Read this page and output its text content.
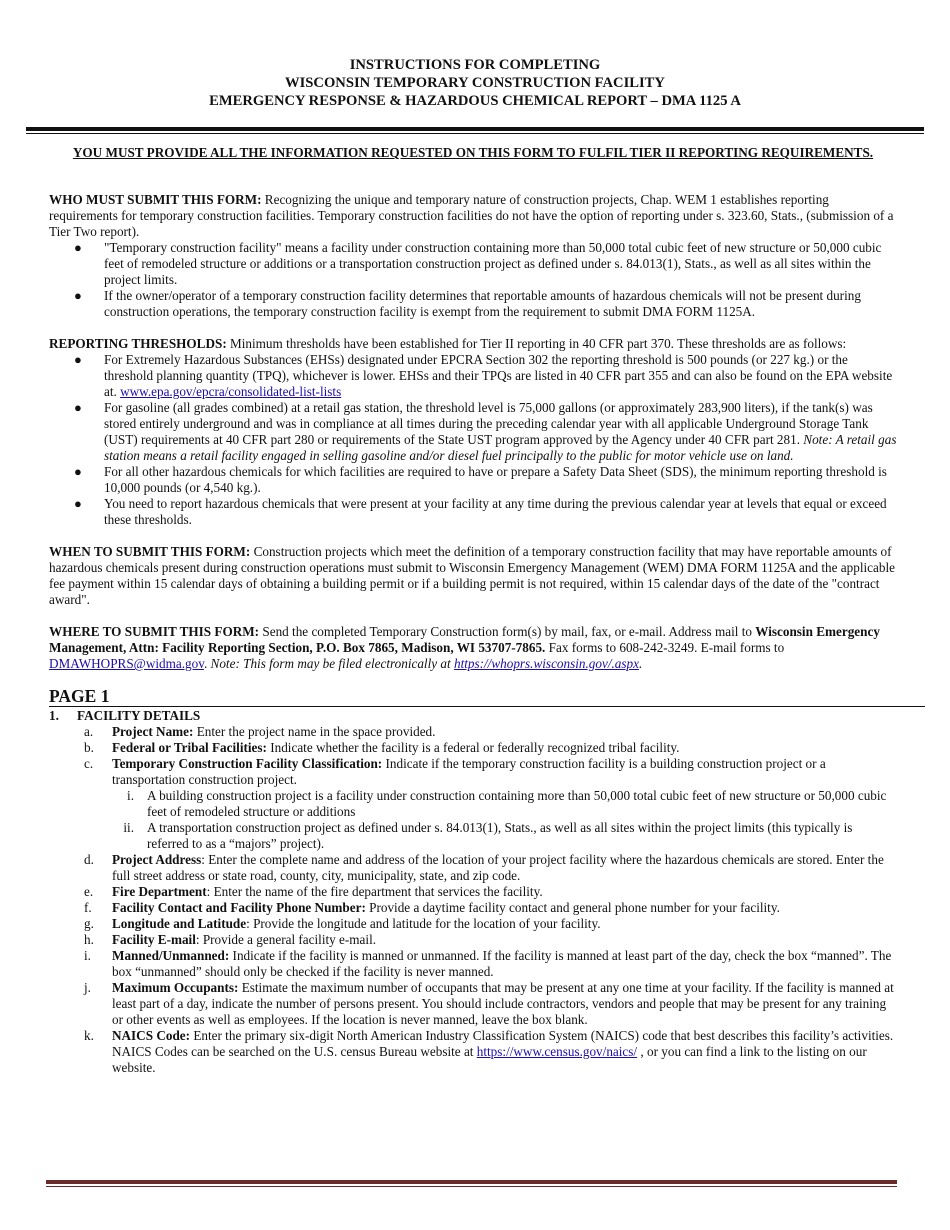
INSTRUCTIONS FOR COMPLETING
WISCONSIN TEMPORARY CONSTRUCTION FACILITY
EMERGENCY RESPONSE & HAZARDOUS CHEMICAL REPORT – DMA 1125 A
YOU MUST PROVIDE ALL THE INFORMATION REQUESTED ON THIS FORM TO FULFIL TIER II REPORTING REQUIREMENTS.

WHO MUST SUBMIT THIS FORM: Recognizing the unique and temporary nature of construction projects, Chap. WEM 1 establishes reporting requirements for temporary construction facilities. Temporary construction facilities do not have the option of reporting under s. 323.60, Stats., (submission of a Tier Two report).

● "Temporary construction facility" means a facility under construction containing more than 50,000 total cubic feet of new structure or 50,000 cubic feet of remodeled structure or additions or a transportation construction project as defined under s. 84.013(1), Stats., as well as all sites within the project limits.
● If the owner/operator of a temporary construction facility determines that reportable amounts of hazardous chemicals will not be present during construction operations, the temporary construction facility is exempt from the requirement to submit DMA FORM 1125A.

REPORTING THRESHOLDS: Minimum thresholds have been established for Tier II reporting in 40 CFR part 370. These thresholds are as follows:

● For Extremely Hazardous Substances (EHSs) designated under EPCRA Section 302 the reporting threshold is 500 pounds (or 227 kg.) or the threshold planning quantity (TPQ), whichever is lower. EHSs and their TPQs are listed in 40 CFR part 355 and can also be found on the EPA website at. www.epa.gov/epcra/consolidated-list-lists
● For gasoline (all grades combined) at a retail gas station, the threshold level is 75,000 gallons (or approximately 283,900 liters), if the tank(s) was stored entirely underground and was in compliance at all times during the preceding calendar year with all applicable Underground Storage Tank (UST) requirements at 40 CFR part 280 or requirements of the State UST program approved by the Agency under 40 CFR part 281. Note: A retail gas station means a retail facility engaged in selling gasoline and/or diesel fuel principally to the public for motor vehicle use on land.
● For all other hazardous chemicals for which facilities are required to have or prepare a Safety Data Sheet (SDS), the minimum reporting threshold is 10,000 pounds (or 4,540 kg.).
● You need to report hazardous chemicals that were present at your facility at any time during the previous calendar year at levels that equal or exceed these thresholds.

WHEN TO SUBMIT THIS FORM: Construction projects which meet the definition of a temporary construction facility that may have reportable amounts of hazardous chemicals present during construction operations must submit to Wisconsin Emergency Management (WEM) DMA FORM 1125A and the applicable fee payment within 15 calendar days of obtaining a building permit or if a building permit is not required, within 15 calendar days of the date of the "contract award".

WHERE TO SUBMIT THIS FORM: Send the completed Temporary Construction form(s) by mail, fax, or e-mail. Address mail to Wisconsin Emergency Management, Attn: Facility Reporting Section, P.O. Box 7865, Madison, WI 53707-7865. Fax forms to 608-242-3249. E-mail forms to DMAWHOPRS@widma.gov. Note: This form may be filed electronically at https://whoprs.wisconsin.gov/.aspx.

PAGE 1
1. FACILITY DETAILS
a. Project Name: Enter the project name in the space provided.
b. Federal or Tribal Facilities: Indicate whether the facility is a federal or federally recognized tribal facility.
c. Temporary Construction Facility Classification: Indicate if the temporary construction facility is a building construction project or a transportation construction project.
i. A building construction project is a facility under construction containing more than 50,000 total cubic feet of new structure or 50,000 cubic feet of remodeled structure or additions
ii. A transportation construction project as defined under s. 84.013(1), Stats., as well as all sites within the project limits (this typically is referred to as a “majors” project).
d. Project Address: Enter the complete name and address of the location of your project facility where the hazardous chemicals are stored. Enter the full street address or state road, county, city, municipality, state, and zip code.
e. Fire Department: Enter the name of the fire department that services the facility.
f. Facility Contact and Facility Phone Number: Provide a daytime facility contact and general phone number for your facility.
g. Longitude and Latitude: Provide the longitude and latitude for the location of your facility.
h. Facility E-mail: Provide a general facility e-mail.
i. Manned/Unmanned: Indicate if the facility is manned or unmanned. If the facility is manned at least part of the day, check the box “manned”. The box “unmanned” should only be checked if the facility is never manned.
j. Maximum Occupants: Estimate the maximum number of occupants that may be present at any one time at your facility. If the facility is manned at least part of a day, indicate the number of persons present. You should include contractors, vendors and people that may be present for any training or other events as well as employees. If the location is never manned, leave the box blank.
k. NAICS Code: Enter the primary six-digit North American Industry Classification System (NAICS) code that best describes this facility’s activities. NAICS Codes can be searched on the U.S. census Bureau website at https://www.census.gov/naics/ , or you can find a link to the listing on our website.
